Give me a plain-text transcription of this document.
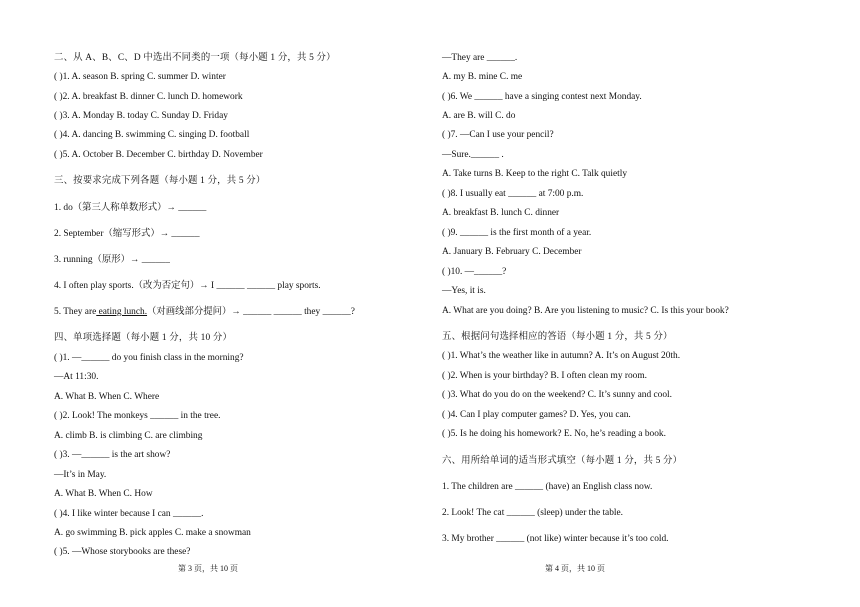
二、从 A、B、C、D 中选出不同类的一项（每小题 1 分，共 5 分）
( )1. A. season B. spring C. summer D. winter
( )2. A. breakfast B. dinner C. lunch D. homework
( )3. A. Monday B. today C. Sunday D. Friday
( )4. A. dancing B. swimming C. singing D. football
( )5. A. October B. December C. birthday D. November
三、按要求完成下列各题（每小题 1 分，共 5 分）
1. do（第三人称单数形式）→ ______
2. September（缩写形式）→ ______
3. running（原形）→ ______
4. I often play sports.（改为否定句）→ I ______ ______ play sports.
5. They are eating lunch.（对画线部分提问）→ ______ ______ they ______?
四、单项选择题（每小题 1 分，共 10 分）
( )1. —______ do you finish class in the morning?
—At 11:30.
A. What B. When C. Where
( )2. Look! The monkeys ______ in the tree.
A. climb B. is climbing C. are climbing
( )3. —______ is the art show?
—It’s in May.
A. What B. When C. How
( )4. I like winter because I can ______.
A. go swimming B. pick apples C. make a snowman
( )5. —Whose storybooks are these?
第 3 页，共 10 页
—They are ______.
A. my B. mine C. me
( )6. We ______ have a singing contest next Monday.
A. are B. will C. do
( )7. —Can I use your pencil?
—Sure.______ .
A. Take turns B. Keep to the right C. Talk quietly
( )8. I usually eat ______ at 7:00 p.m.
A. breakfast B. lunch C. dinner
( )9. ______ is the first month of a year.
A. January B. February C. December
( )10. —______?
—Yes, it is.
A. What are you doing? B. Are you listening to music? C. Is this your book?
五、根据问句选择相应的答语（每小题 1 分，共 5 分）
( )1. What’s the weather like in autumn? A. It’s on August 20th.
( )2. When is your birthday? B. I often clean my room.
( )3. What do you do on the weekend? C. It’s sunny and cool.
( )4. Can I play computer games? D. Yes, you can.
( )5. Is he doing his homework? E. No, he’s reading a book.
六、用所给单词的适当形式填空（每小题 1 分，共 5 分）
1. The children are ______ (have) an English class now.
2. Look! The cat ______ (sleep) under the table.
3. My brother ______ (not like) winter because it’s too cold.
第 4 页，共 10 页
